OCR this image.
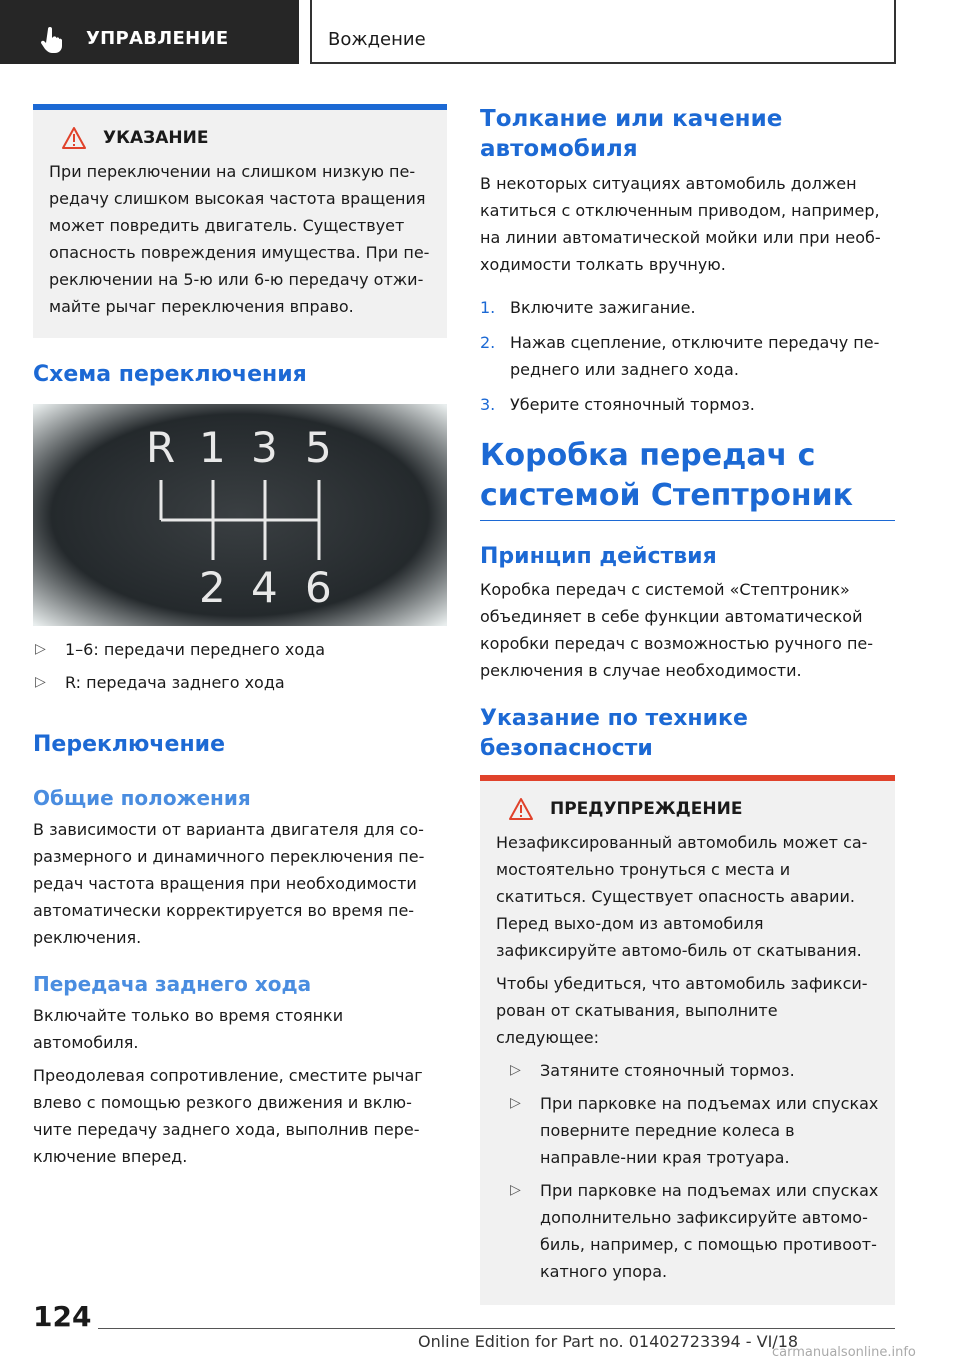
УПРАВЛЕНИЕ	Вождение
УКАЗАНИЕ
При переключении на слишком низкую пе-редачу слишком высокая частота вращения может повредить двигатель. Существует опасность повреждения имущества. При пе-реключении на 5-ю или 6-ю передачу отжи-майте рычаг переключения вправо.
Схема переключения
R 1 3 5
2 4 6
▷ 1–6: передачи переднего хода
▷ R: передача заднего хода
Переключение
Общие положения
В зависимости от варианта двигателя для со-размерного и динамичного переключения пе-редач частота вращения при необходимости автоматически корректируется во время пе-реключения.
Передача заднего хода
Включайте только во время стоянки автомобиля.
Преодолевая сопротивление, сместите рычаг влево с помощью резкого движения и вклю-чите передачу заднего хода, выполнив пере-ключение вперед.
Толкание или качение автомобиля
В некоторых ситуациях автомобиль должен катиться с отключенным приводом, например, на линии автоматической мойки или при необ-ходимости толкать вручную.
1. Включите зажигание.
2. Нажав сцепление, отключите передачу пе-реднего или заднего хода.
3. Уберите стояночный тормоз.
Коробка передач с системой Стептроник
Принцип действия
Коробка передач с системой «Стептроник» объединяет в себе функции автоматической коробки передач с возможностью ручного пе-реключения в случае необходимости.
Указание по технике безопасности
ПРЕДУПРЕЖДЕНИЕ
Незафиксированный автомобиль может са-мостоятельно тронуться с места и скатиться. Существует опасность аварии. Перед выхо-дом из автомобиля зафиксируйте автомо-биль от скатывания.
Чтобы убедиться, что автомобиль зафикси-рован от скатывания, выполните следующее:
▷ Затяните стояночный тормоз.
▷ При парковке на подъемах или спусках поверните передние колеса в направле-нии края тротуара.
▷ При парковке на подъемах или спусках дополнительно зафиксируйте автомо-биль, например, с помощью противоот-катного упора.
124
Online Edition for Part no. 01402723394 - VI/18
carmanualsonline.info
